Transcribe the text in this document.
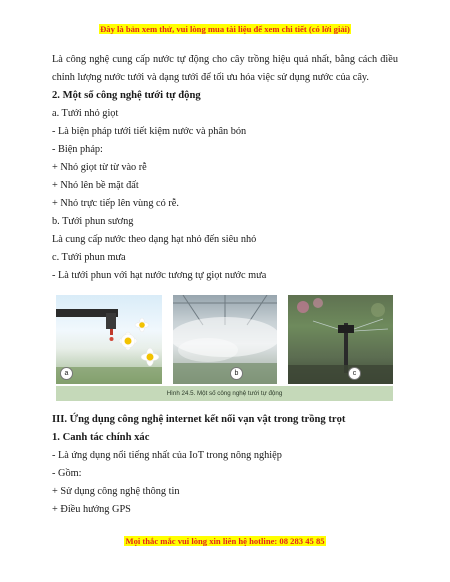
Đây là bản xem thử, vui lòng mua tài liệu để xem chi tiết (có lời giải)

Là công nghệ cung cấp nước tự động cho cây trồng hiệu quả nhất, bằng cách điều chỉnh lượng nước tưới và dạng tưới để tối ưu hóa việc sử dụng nước của cây.

2. Một số công nghệ tưới tự động

a. Tưới nhỏ giọt

- Là biện pháp tưới tiết kiệm nước và phân bón

- Biện pháp:

+ Nhỏ giọt từ từ vào rễ

+ Nhỏ lên bề mặt đất

+ Nhỏ trực tiếp lên vùng có rễ.

b. Tưới phun sương

Là cung cấp nước theo dạng hạt nhỏ đến siêu nhỏ

c. Tưới phun mưa

- Là tưới phun với hạt nước tương tự giọt nước mưa

a	b	c
Hình 24.5. Một số công nghệ tưới tự động

III. Ứng dụng công nghệ internet kết nối vạn vật trong trồng trọt

1. Canh tác chính xác

- Là ứng dụng nổi tiếng nhất của IoT trong nông nghiệp

- Gồm:

+ Sử dụng công nghệ thông tin

+ Điều hướng GPS

Mọi thắc mắc vui lòng xin liên hệ hotline: 08 283 45 85
